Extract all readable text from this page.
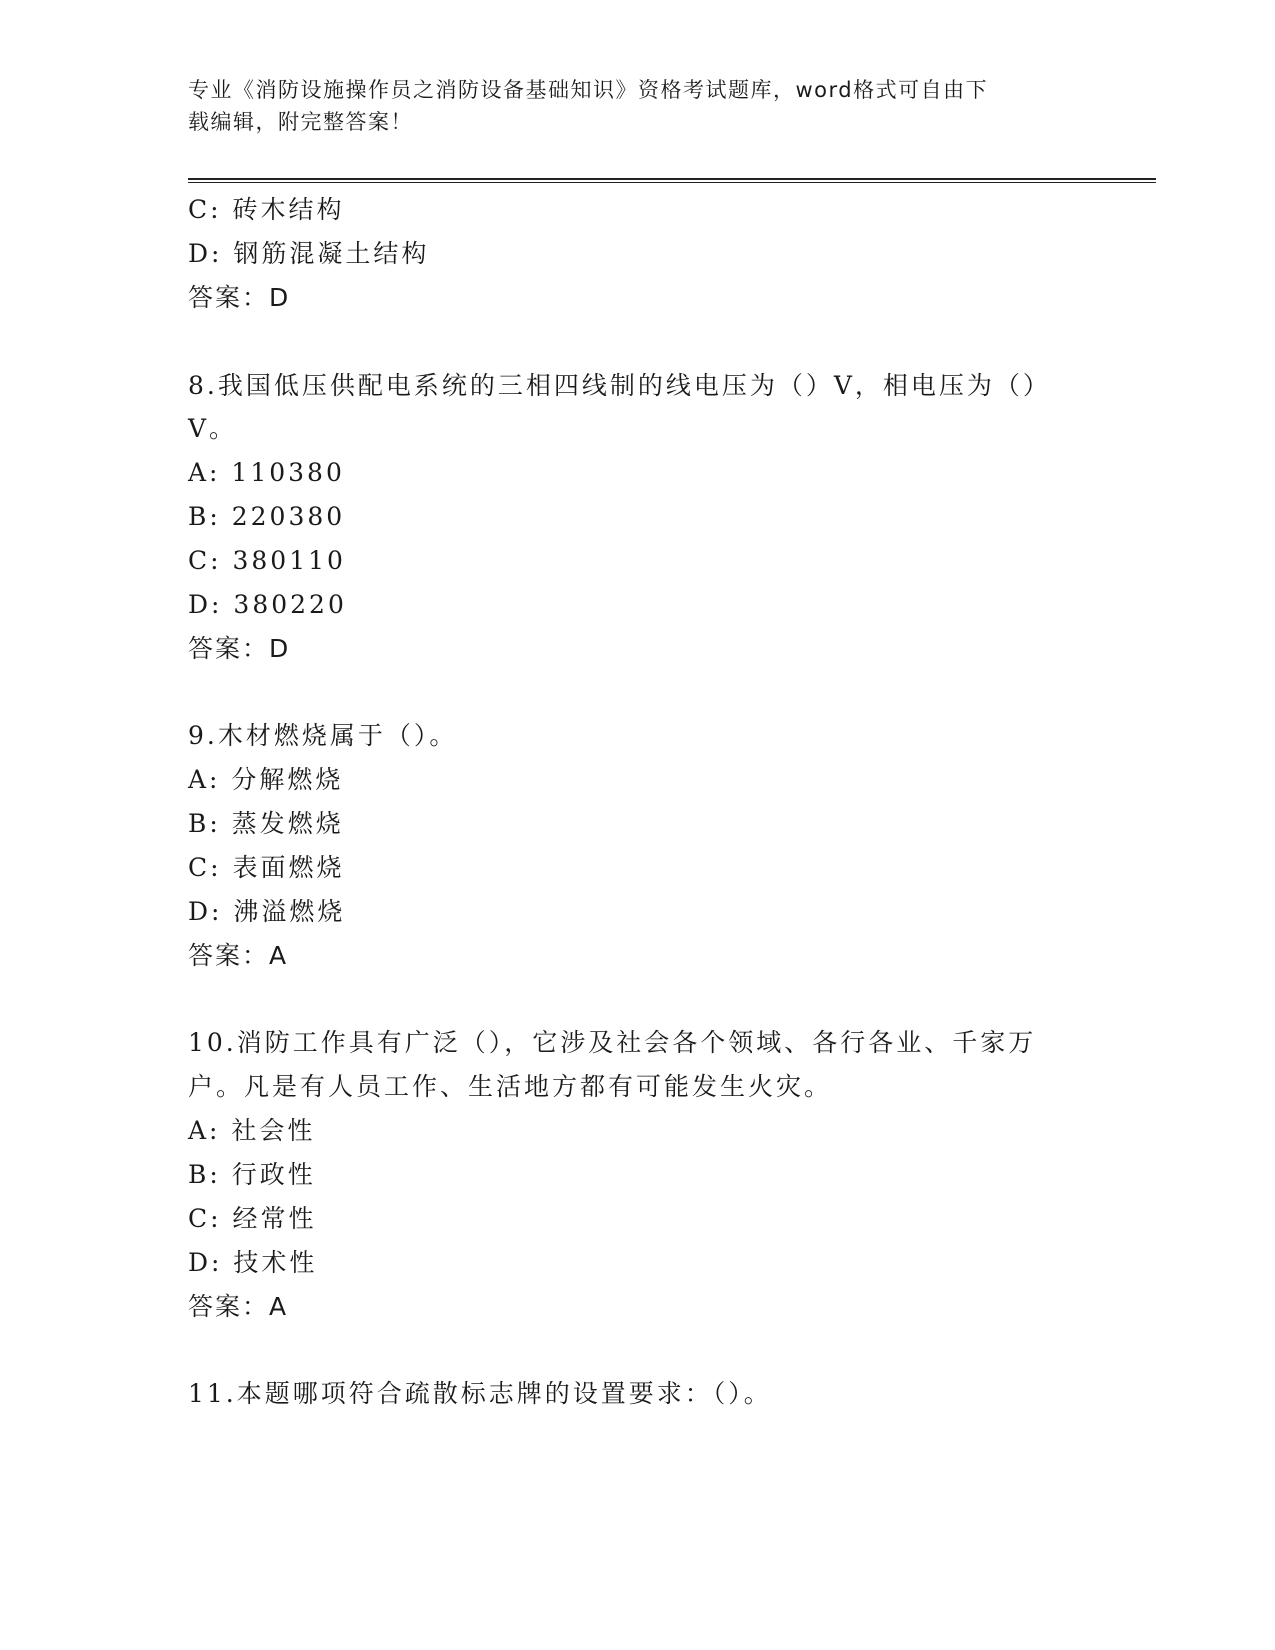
专业《消防设施操作员之消防设备基础知识》资格考试题库，word格式可自由下
载编辑，附完整答案！
C: 砖木结构
D: 钢筋混凝土结构
答案：D
8.我国低压供配电系统的三相四线制的线电压为（）V，相电压为（）
V。
A: 110380
B: 220380
C: 380110
D: 380220
答案：D
9.木材燃烧属于（）。
A: 分解燃烧
B: 蒸发燃烧
C: 表面燃烧
D: 沸溢燃烧
答案：A
10.消防工作具有广泛（），它涉及社会各个领域、各行各业、千家万
户。凡是有人员工作、生活地方都有可能发生火灾。
A: 社会性
B: 行政性
C: 经常性
D: 技术性
答案：A
11.本题哪项符合疏散标志牌的设置要求：（）。
